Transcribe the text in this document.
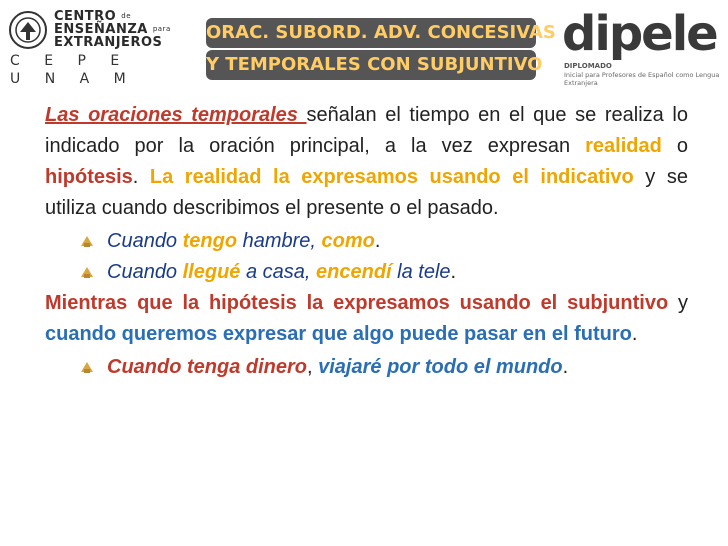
CENTRO $^{de}$
ENSEÑANZA $^{para}$
EXTRANJEROS
C E P E
U N A M
ORAC. SUBORD. ADV. CONCESIVAS
Y TEMPORALES CON SUBJUNTIVO
dipele
DIPLOMADO
Inicial para Profesores de Español como Lengua Extranjera

Las oraciones temporales señalan el tiempo en el que se realiza lo indicado por la oración principal, a la vez expresan realidad o hipótesis. La realidad la expresamos usando el indicativo y se utiliza cuando describimos el presente o el pasado.

Cuando tengo hambre, como.
Cuando llegué a casa, encendí la tele.

Mientras que la hipótesis la expresamos usando el subjuntivo y cuando queremos expresar que algo puede pasar en el futuro.

Cuando tenga dinero, viajaré por todo el mundo.
